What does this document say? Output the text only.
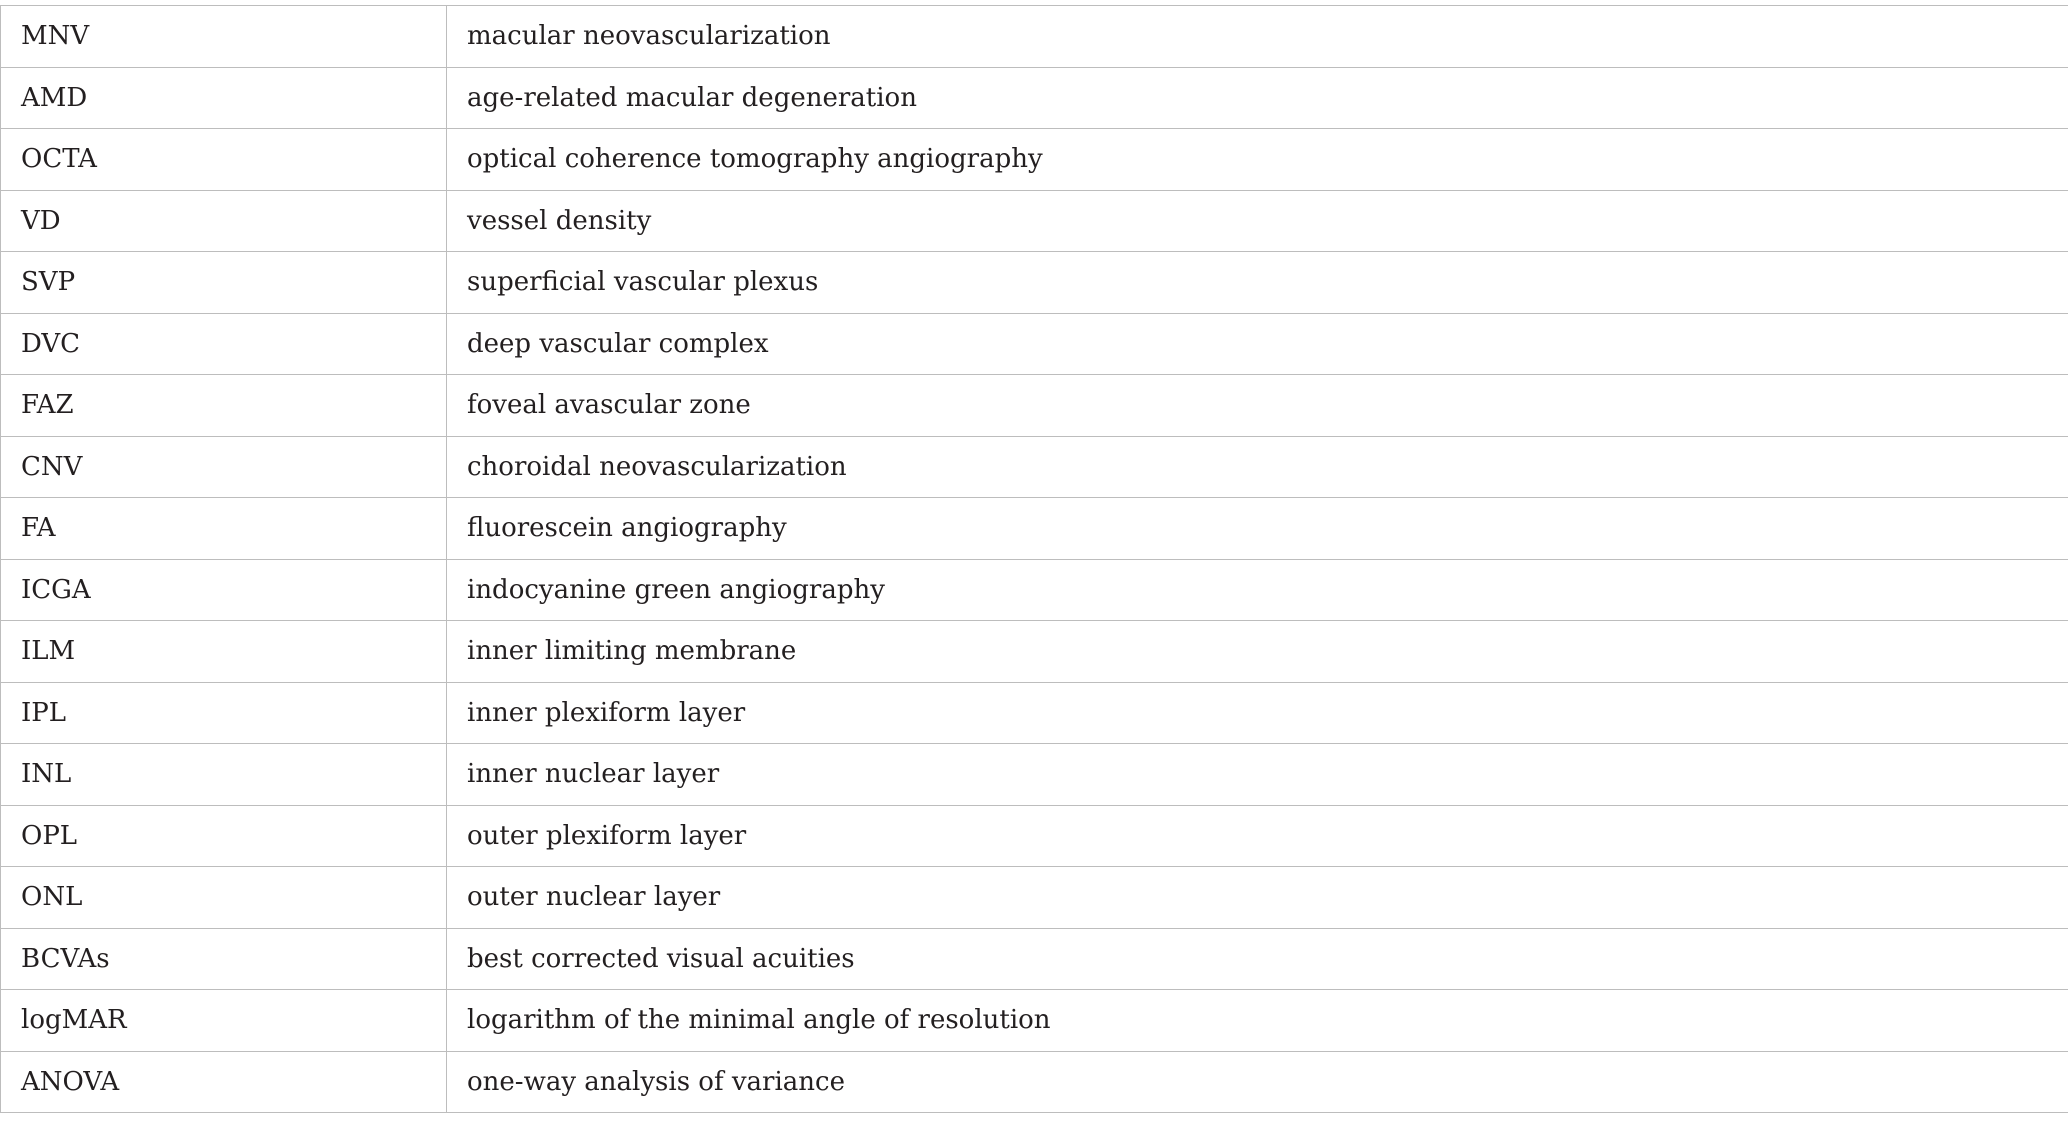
MNV	macular neovascularization
AMD	age-related macular degeneration
OCTA	optical coherence tomography angiography
VD	vessel density
SVP	superficial vascular plexus
DVC	deep vascular complex
FAZ	foveal avascular zone
CNV	choroidal neovascularization
FA	fluorescein angiography
ICGA	indocyanine green angiography
ILM	inner limiting membrane
IPL	inner plexiform layer
INL	inner nuclear layer
OPL	outer plexiform layer
ONL	outer nuclear layer
BCVAs	best corrected visual acuities
logMAR	logarithm of the minimal angle of resolution
ANOVA	one-way analysis of variance
